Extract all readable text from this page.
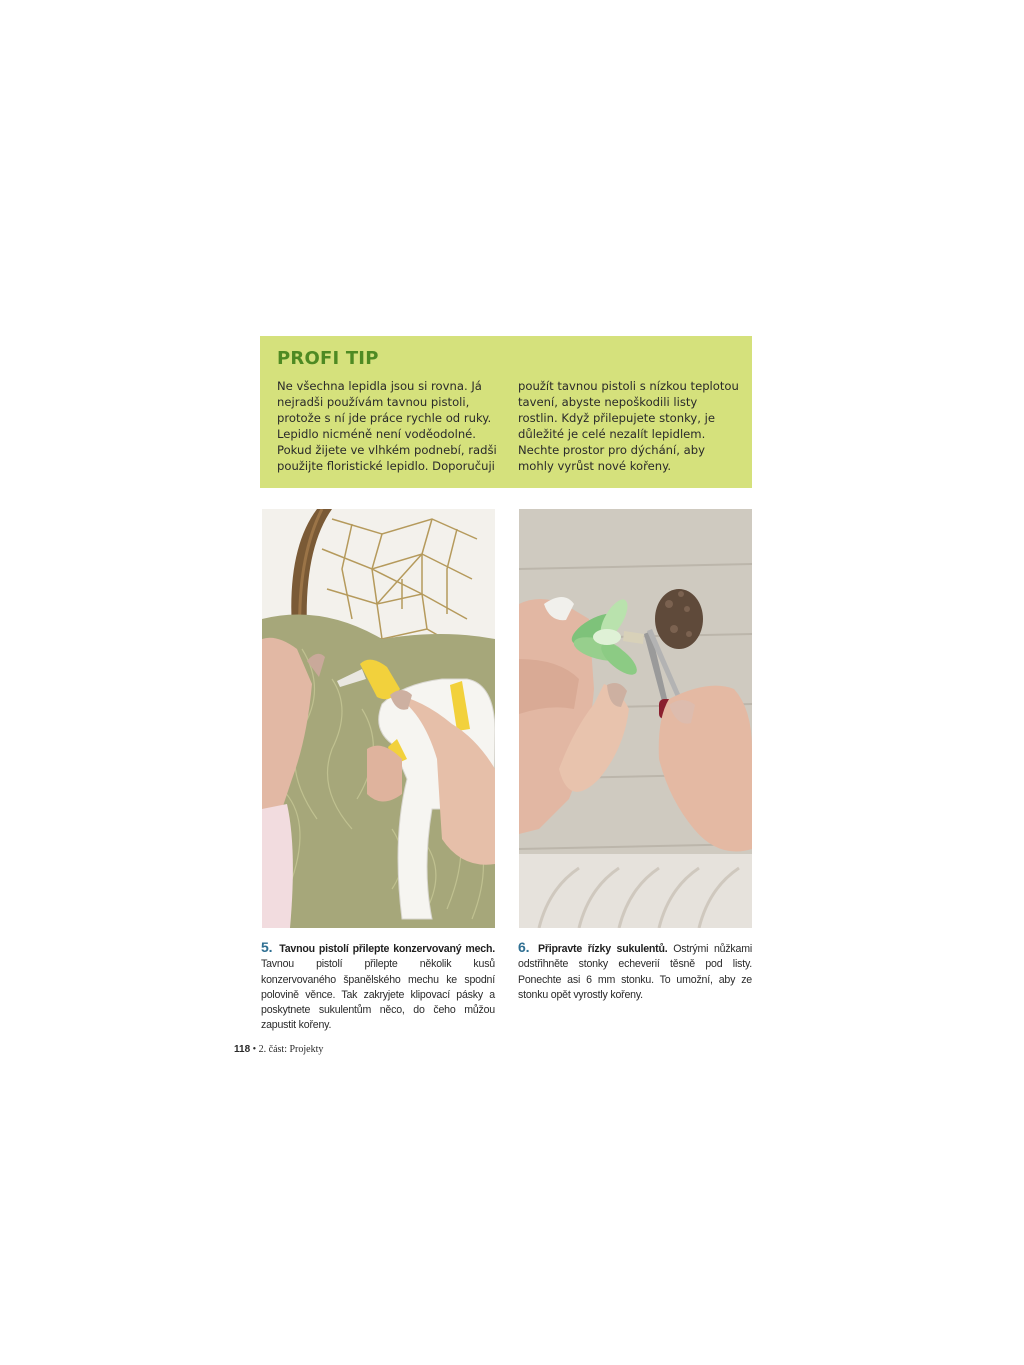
PROFI TIP
Ne všechna lepidla jsou si rovna. Já nejradši používám tavnou pistoli, protože s ní jde práce rychle od ruky. Lepidlo nicméně není voděodolné. Pokud žijete ve vlhkém podnebí, radši použijte floristické lepidlo. Doporučuji
použít tavnou pistoli s nízkou teplotou tavení, abyste nepoškodili listy rostlin. Když přilepujete stonky, je důležité je celé nezalít lepidlem. Nechte prostor pro dýchání, aby mohly vyrůst nové kořeny.
5. Tavnou pistolí přilepte konzervovaný mech. Tavnou pistolí přilepte několik kusů konzervovaného španělského mechu ke spodní polovině věnce. Tak zakryjete klipovací pásky a poskytnete sukulentům něco, do čeho můžou zapustit kořeny.
6. Připravte řízky sukulentů. Ostrými nůžkami odstřihněte stonky echeverií těsně pod listy. Ponechte asi 6 mm stonku. To umožní, aby ze stonku opět vyrostly kořeny.
118 • 2. část: Projekty
